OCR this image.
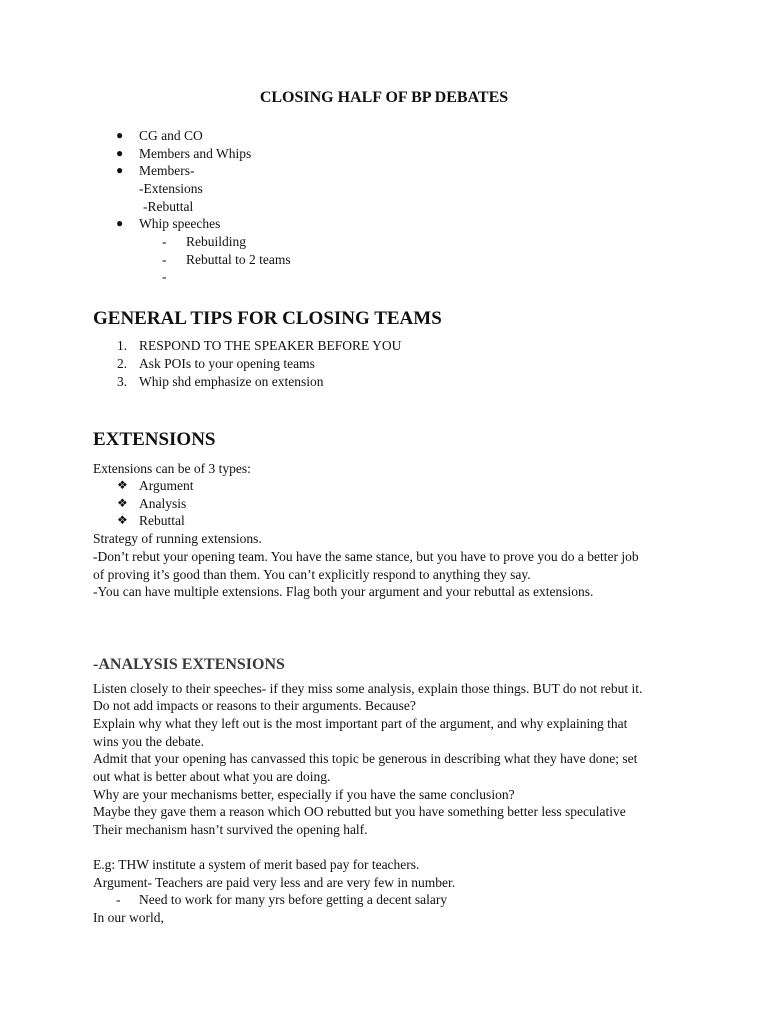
CLOSING HALF OF BP DEBATES
● CG and CO
● Members and Whips
● Members-
-Extensions
-Rebuttal
● Whip speeches
- Rebuilding
- Rebuttal to 2 teams
-
GENERAL TIPS FOR CLOSING TEAMS
1. RESPOND TO THE SPEAKER BEFORE YOU
2. Ask POIs to your opening teams
3. Whip shd emphasize on extension
EXTENSIONS
Extensions can be of 3 types:
❖ Argument
❖ Analysis
❖ Rebuttal
Strategy of running extensions.
-Don’t rebut your opening team. You have the same stance, but you have to prove you do a better job
of proving it’s good than them. You can’t explicitly respond to anything they say.
-You can have multiple extensions. Flag both your argument and your rebuttal as extensions.
-ANALYSIS EXTENSIONS
Listen closely to their speeches- if they miss some analysis, explain those things. BUT do not rebut it.
Do not add impacts or reasons to their arguments. Because?
Explain why what they left out is the most important part of the argument, and why explaining that
wins you the debate.
Admit that your opening has canvassed this topic be generous in describing what they have done; set
out what is better about what you are doing.
Why are your mechanisms better, especially if you have the same conclusion?
Maybe they gave them a reason which OO rebutted but you have something better less speculative
Their mechanism hasn’t survived the opening half.
E.g: THW institute a system of merit based pay for teachers.
Argument- Teachers are paid very less and are very few in number.
- Need to work for many yrs before getting a decent salary
In our world,
